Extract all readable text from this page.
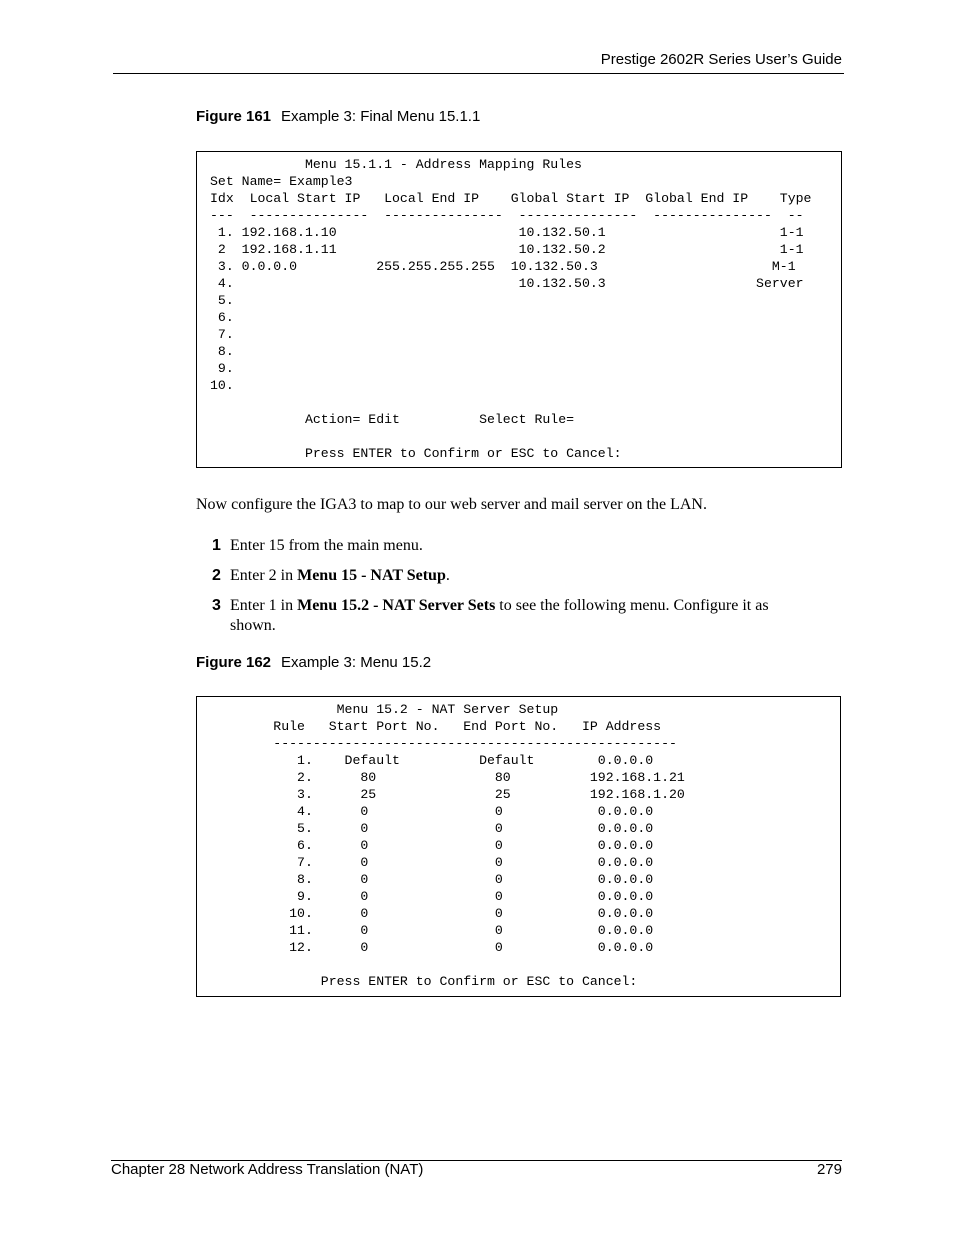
Prestige 2602R Series User’s Guide
Figure 161 Example 3: Final Menu 15.1.1

Menu 15.1.1 - Address Mapping Rules

Set Name= Example3

Idx  Local Start IP   Local End IP    Global Start IP  Global End IP    Type

---  ---------------  ---------------  ---------------  ---------------  --

1. 192.168.1.10                       10.132.50.1                      1-1

2  192.168.1.11                       10.132.50.2                      1-1

3. 0.0.0.0          255.255.255.255  10.132.50.3                      M-1

4.                                    10.132.50.3                   Server

5.

6.

7.

8.

9.

10.

Action= Edit          Select Rule=

Press ENTER to Confirm or ESC to Cancel:

Now configure the IGA3 to map to our web server and mail server on the LAN.
1 Enter 15 from the main menu.
2 Enter 2 in Menu 15 - NAT Setup.
3 Enter 1 in Menu 15.2 - NAT Server Sets to see the following menu. Configure it as
shown.
Figure 162 Example 3: Menu 15.2

Menu 15.2 - NAT Server Setup

Rule   Start Port No.   End Port No.   IP Address

---------------------------------------------------

1.    Default          Default        0.0.0.0

2.      80               80          192.168.1.21

3.      25               25          192.168.1.20

4.      0                0            0.0.0.0

5.      0                0            0.0.0.0

6.      0                0            0.0.0.0

7.      0                0            0.0.0.0

8.      0                0            0.0.0.0

9.      0                0            0.0.0.0

10.      0                0            0.0.0.0

11.      0                0            0.0.0.0

12.      0                0            0.0.0.0

Press ENTER to Confirm or ESC to Cancel:

Chapter 28 Network Address Translation (NAT)	279
